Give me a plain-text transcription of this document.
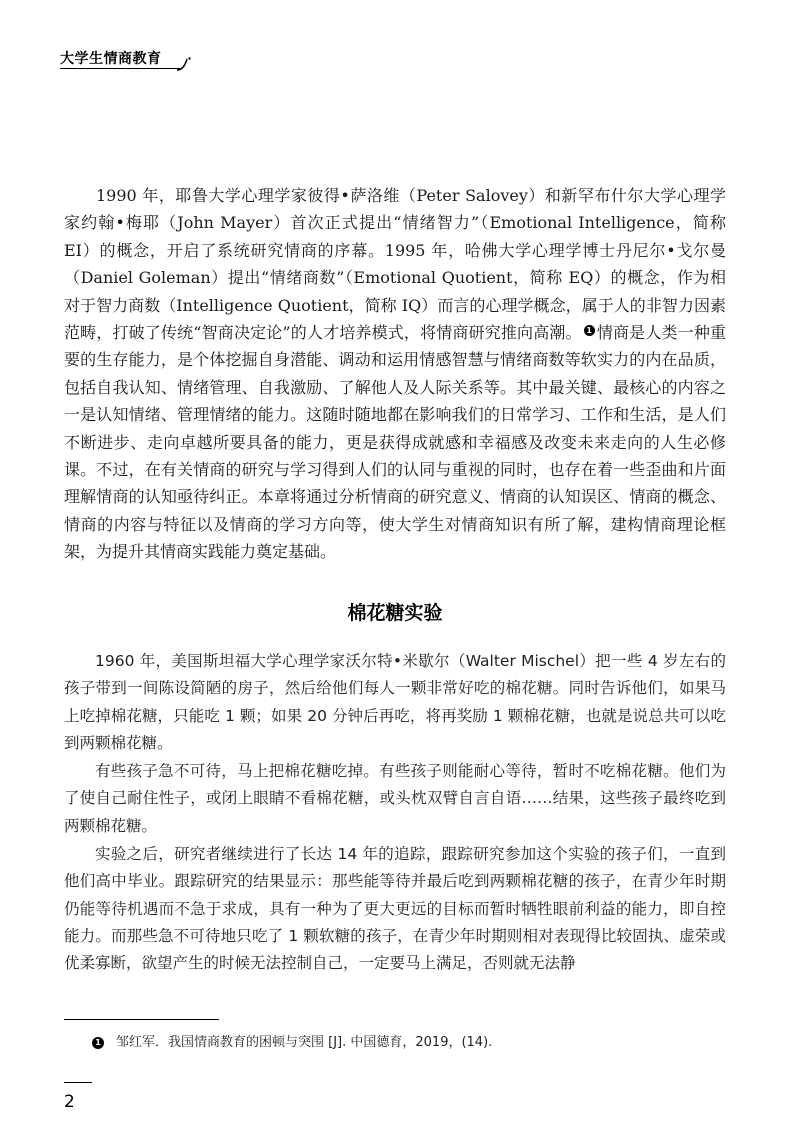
大学生情商教育

1990 年，耶鲁大学心理学家彼得•萨洛维（Peter Salovey）和新罕布什尔大学心理学家约翰•梅耶（John Mayer）首次正式提出“情绪智力”（Emotional Intelligence，简称 EI）的概念，开启了系统研究情商的序幕。1995 年，哈佛大学心理学博士丹尼尔•戈尔曼（Daniel Goleman）提出“情绪商数”（Emotional Quotient，简称 EQ）的概念，作为相对于智力商数（Intelligence Quotient，简称 IQ）而言的心理学概念，属于人的非智力因素范畴，打破了传统“智商决定论”的人才培养模式，将情商研究推向高潮。 1 情商是人类一种重要的生存能力，是个体挖掘自身潜能、调动和运用情感智慧与情绪商数等软实力的内在品质，包括自我认知、情绪管理、自我激励、了解他人及人际关系等。其中最关键、最核心的内容之一是认知情绪、管理情绪的能力。这随时随地都在影响我们的日常学习、工作和生活，是人们不断进步、走向卓越所要具备的能力，更是获得成就感和幸福感及改变未来走向的人生必修课。不过，在有关情商的研究与学习得到人们的认同与重视的同时，也存在着一些歪曲和片面理解情商的认知亟待纠正。本章将通过分析情商的研究意义、情商的认知误区、情商的概念、情商的内容与特征以及情商的学习方向等，使大学生对情商知识有所了解，建构情商理论框架，为提升其情商实践能力奠定基础。

棉花糖实验

1960 年，美国斯坦福大学心理学家沃尔特•米歇尔（Walter Mischel）把一些 4 岁左右的孩子带到一间陈设简陋的房子，然后给他们每人一颗非常好吃的棉花糖。同时告诉他们，如果马上吃掉棉花糖，只能吃 1 颗；如果 20 分钟后再吃，将再奖励 1 颗棉花糖，也就是说总共可以吃到两颗棉花糖。

有些孩子急不可待，马上把棉花糖吃掉。有些孩子则能耐心等待，暂时不吃棉花糖。他们为了使自己耐住性子，或闭上眼睛不看棉花糖，或头枕双臂自言自语……结果，这些孩子最终吃到两颗棉花糖。

实验之后，研究者继续进行了长达 14 年的追踪，跟踪研究参加这个实验的孩子们，一直到他们高中毕业。跟踪研究的结果显示：那些能等待并最后吃到两颗棉花糖的孩子，在青少年时期仍能等待机遇而不急于求成，具有一种为了更大更远的目标而暂时牺牲眼前利益的能力，即自控能力。而那些急不可待地只吃了 1 颗软糖的孩子，在青少年时期则相对表现得比较固执、虚荣或优柔寡断，欲望产生的时候无法控制自己，一定要马上满足，否则就无法静

1 邹红军．我国情商教育的困顿与突围 [J]. 中国德育，2019，(14).
2
